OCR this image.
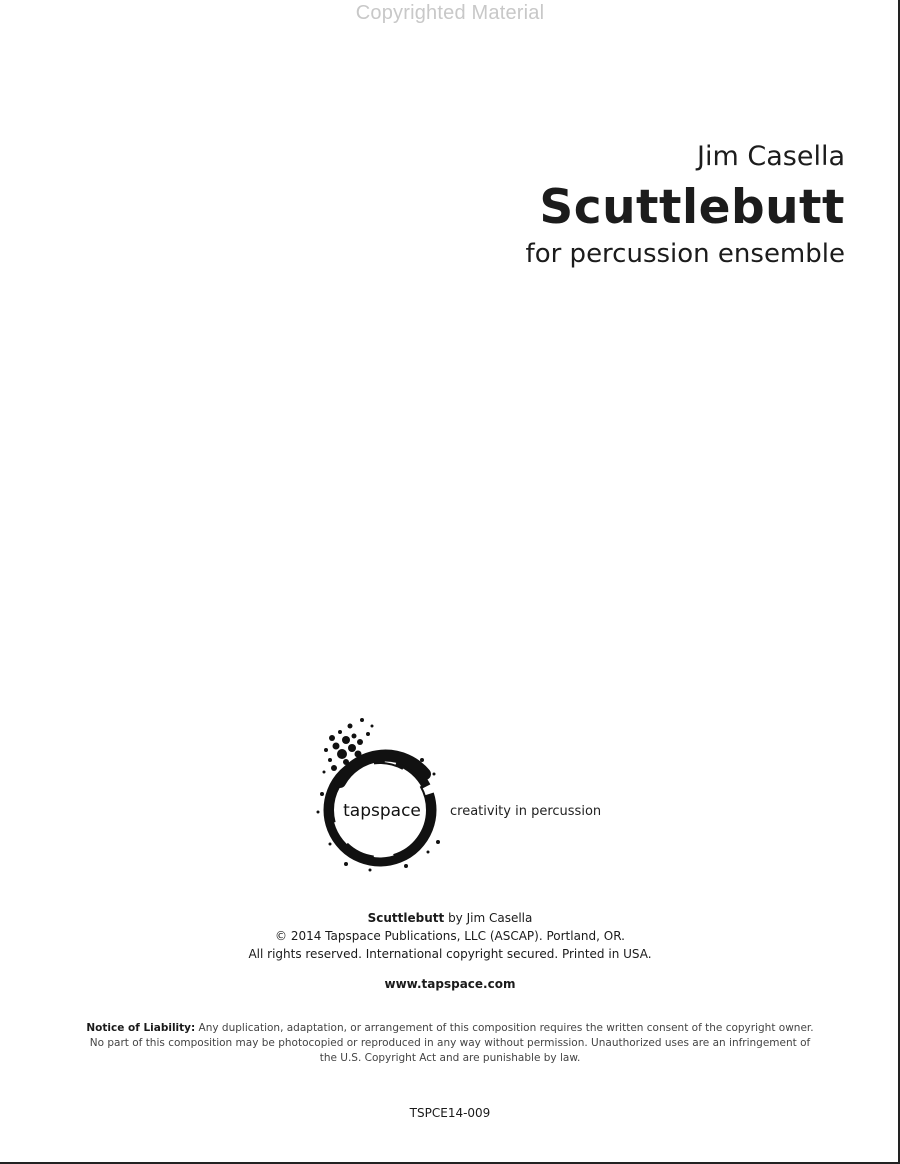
Copyrighted Material
Jim Casella
Scuttlebutt
for percussion ensemble
tapspace	creativity in percussion
Scuttlebutt by Jim Casella
© 2014 Tapspace Publications, LLC (ASCAP). Portland, OR.
All rights reserved. International copyright secured. Printed in USA.
www.tapspace.com
Notice of Liability: Any duplication, adaptation, or arrangement of this composition requires the written consent of the copyright owner. No part of this composition may be photocopied or reproduced in any way without permission. Unauthorized uses are an infringement of the U.S. Copyright Act and are punishable by law.
TSPCE14-009
